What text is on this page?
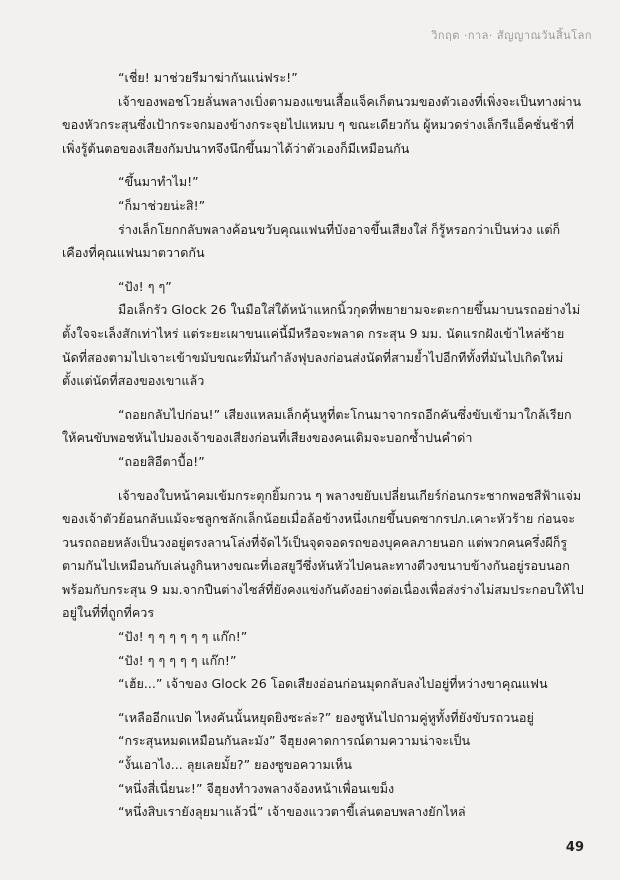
วิกฤต ·กาล· สัญญาณวันสิ้นโลก

“เชี่ย! มาช่วยรีมาฆ่ากันแน่ฟระ!”

เจ้าของพอชโวยลั่นพลางเบิ่งตามองแขนเสื้อแจ็คเก็ตนวมของตัวเองที่เพิ่งจะเป็นทางผ่านของหัวกระสุนซึ่งเป้ากระจกมองข้างกระจุยไปแหมบ ๆ ขณะเดียวกัน ผู้หมวดร่างเล็กรีแอ็คชั่นช้าที่เพิ่งรู้ต้นตอของเสียงกัมปนาทจึงนึกขึ้นมาได้ว่าตัวเองก็มีเหมือนกัน

“ขึ้นมาทำไม!”

“ก็มาช่วยน่ะสิ!”

ร่างเล็กโยกกลับพลางค้อนขวับคุณแฟนที่บังอาจขึ้นเสียงใส่ ก็รู้หรอกว่าเป็นห่วง แต่ก็เคืองที่คุณแฟนมาตวาดกัน

“ปัง! ๆ ๆ”

มือเล็กรัว Glock 26 ในมือใส่ใต้หน้าแหกนิ้วกุดที่พยายามจะตะกายขึ้นมาบนรถอย่างไม่ตั้งใจจะเล็งสักเท่าไหร่ แต่ระยะเผาขนแค่นี้มีหรือจะพลาด กระสุน 9 มม. นัดแรกฝังเข้าไหล่ซ้าย นัดที่สองตามไปเจาะเข้าขมับขณะที่มันกำลังฟุบลงก่อนส่งนัดที่สามย้ำไปอีกทีทั้งที่มันไปเกิดใหม่ตั้งแต่นัดที่สองของเขาแล้ว

“ถอยกลับไปก่อน!” เสียงแหลมเล็กคุ้นหูที่ตะโกนมาจากรถอีกคันซึ่งขับเข้ามาใกล้เรียกให้คนขับพอชหันไปมองเจ้าของเสียงก่อนที่เสียงของคนเดิมจะบอกซ้ำปนคำด่า

“ถอยสิอีตาบื้อ!”

เจ้าของใบหน้าคมเข้มกระตุกยิ้มกวน ๆ พลางขยับเปลี่ยนเกียร์ก่อนกระชากพอชสีฟ้าแจ่มของเจ้าตัวย้อนกลับแม้จะชลูกชลักเล็กน้อยเมื่อล้อข้างหนึ่งเกยขึ้นบดซากรปภ.เคาะหัวร้าย ก่อนจะวนรถถอยหลังเป็นวงอยู่ตรงลานโล่งที่จัดไว้เป็นจุดจอดรถของบุคคลภายนอก แต่พวกคนครึ่งผีก็รูตามกันไปเหมือนกับเล่นงูกินหางขณะที่เอสยูวีซึ่งหันหัวไปคนละทางตีวงขนาบข้างกันอยู่รอบนอกพร้อมกับกระสุน 9 มม.จากปืนต่างไซส์ที่ยังคงแข่งกันดังอย่างต่อเนื่องเพื่อส่งร่างไม่สมประกอบให้ไปอยู่ในที่ที่ถูกที่ควร

“ปัง! ๆ ๆ ๆ ๆ ๆ ๆ แก๊ก!”

“ปัง! ๆ ๆ ๆ ๆ ๆ แก๊ก!”

“เฮ้ย...” เจ้าของ Glock 26 โอดเสียงอ่อนก่อนมุดกลับลงไปอยู่ที่หว่างขาคุณแฟน

“เหลืออีกแปด ไหงคันนั้นหยุดยิงซะล่ะ?” ยองซูหันไปถามคู่หูทั้งที่ยังขับรถวนอยู่

“กระสุนหมดเหมือนกันละมัง” จีฮุยงคาดการณ์ตามความน่าจะเป็น

“งั้นเอาไง... ลุยเลยมั้ย?” ยองซูขอความเห็น

“หนึ่งสี่เนี่ยนะ!” จีฮุยงทำวงพลางจ้องหน้าเพื่อนเขม็ง

“หนึ่งสิบเรายังลุยมาแล้วนี่” เจ้าของแววตาขี้เล่นตอบพลางยักไหล่

49
